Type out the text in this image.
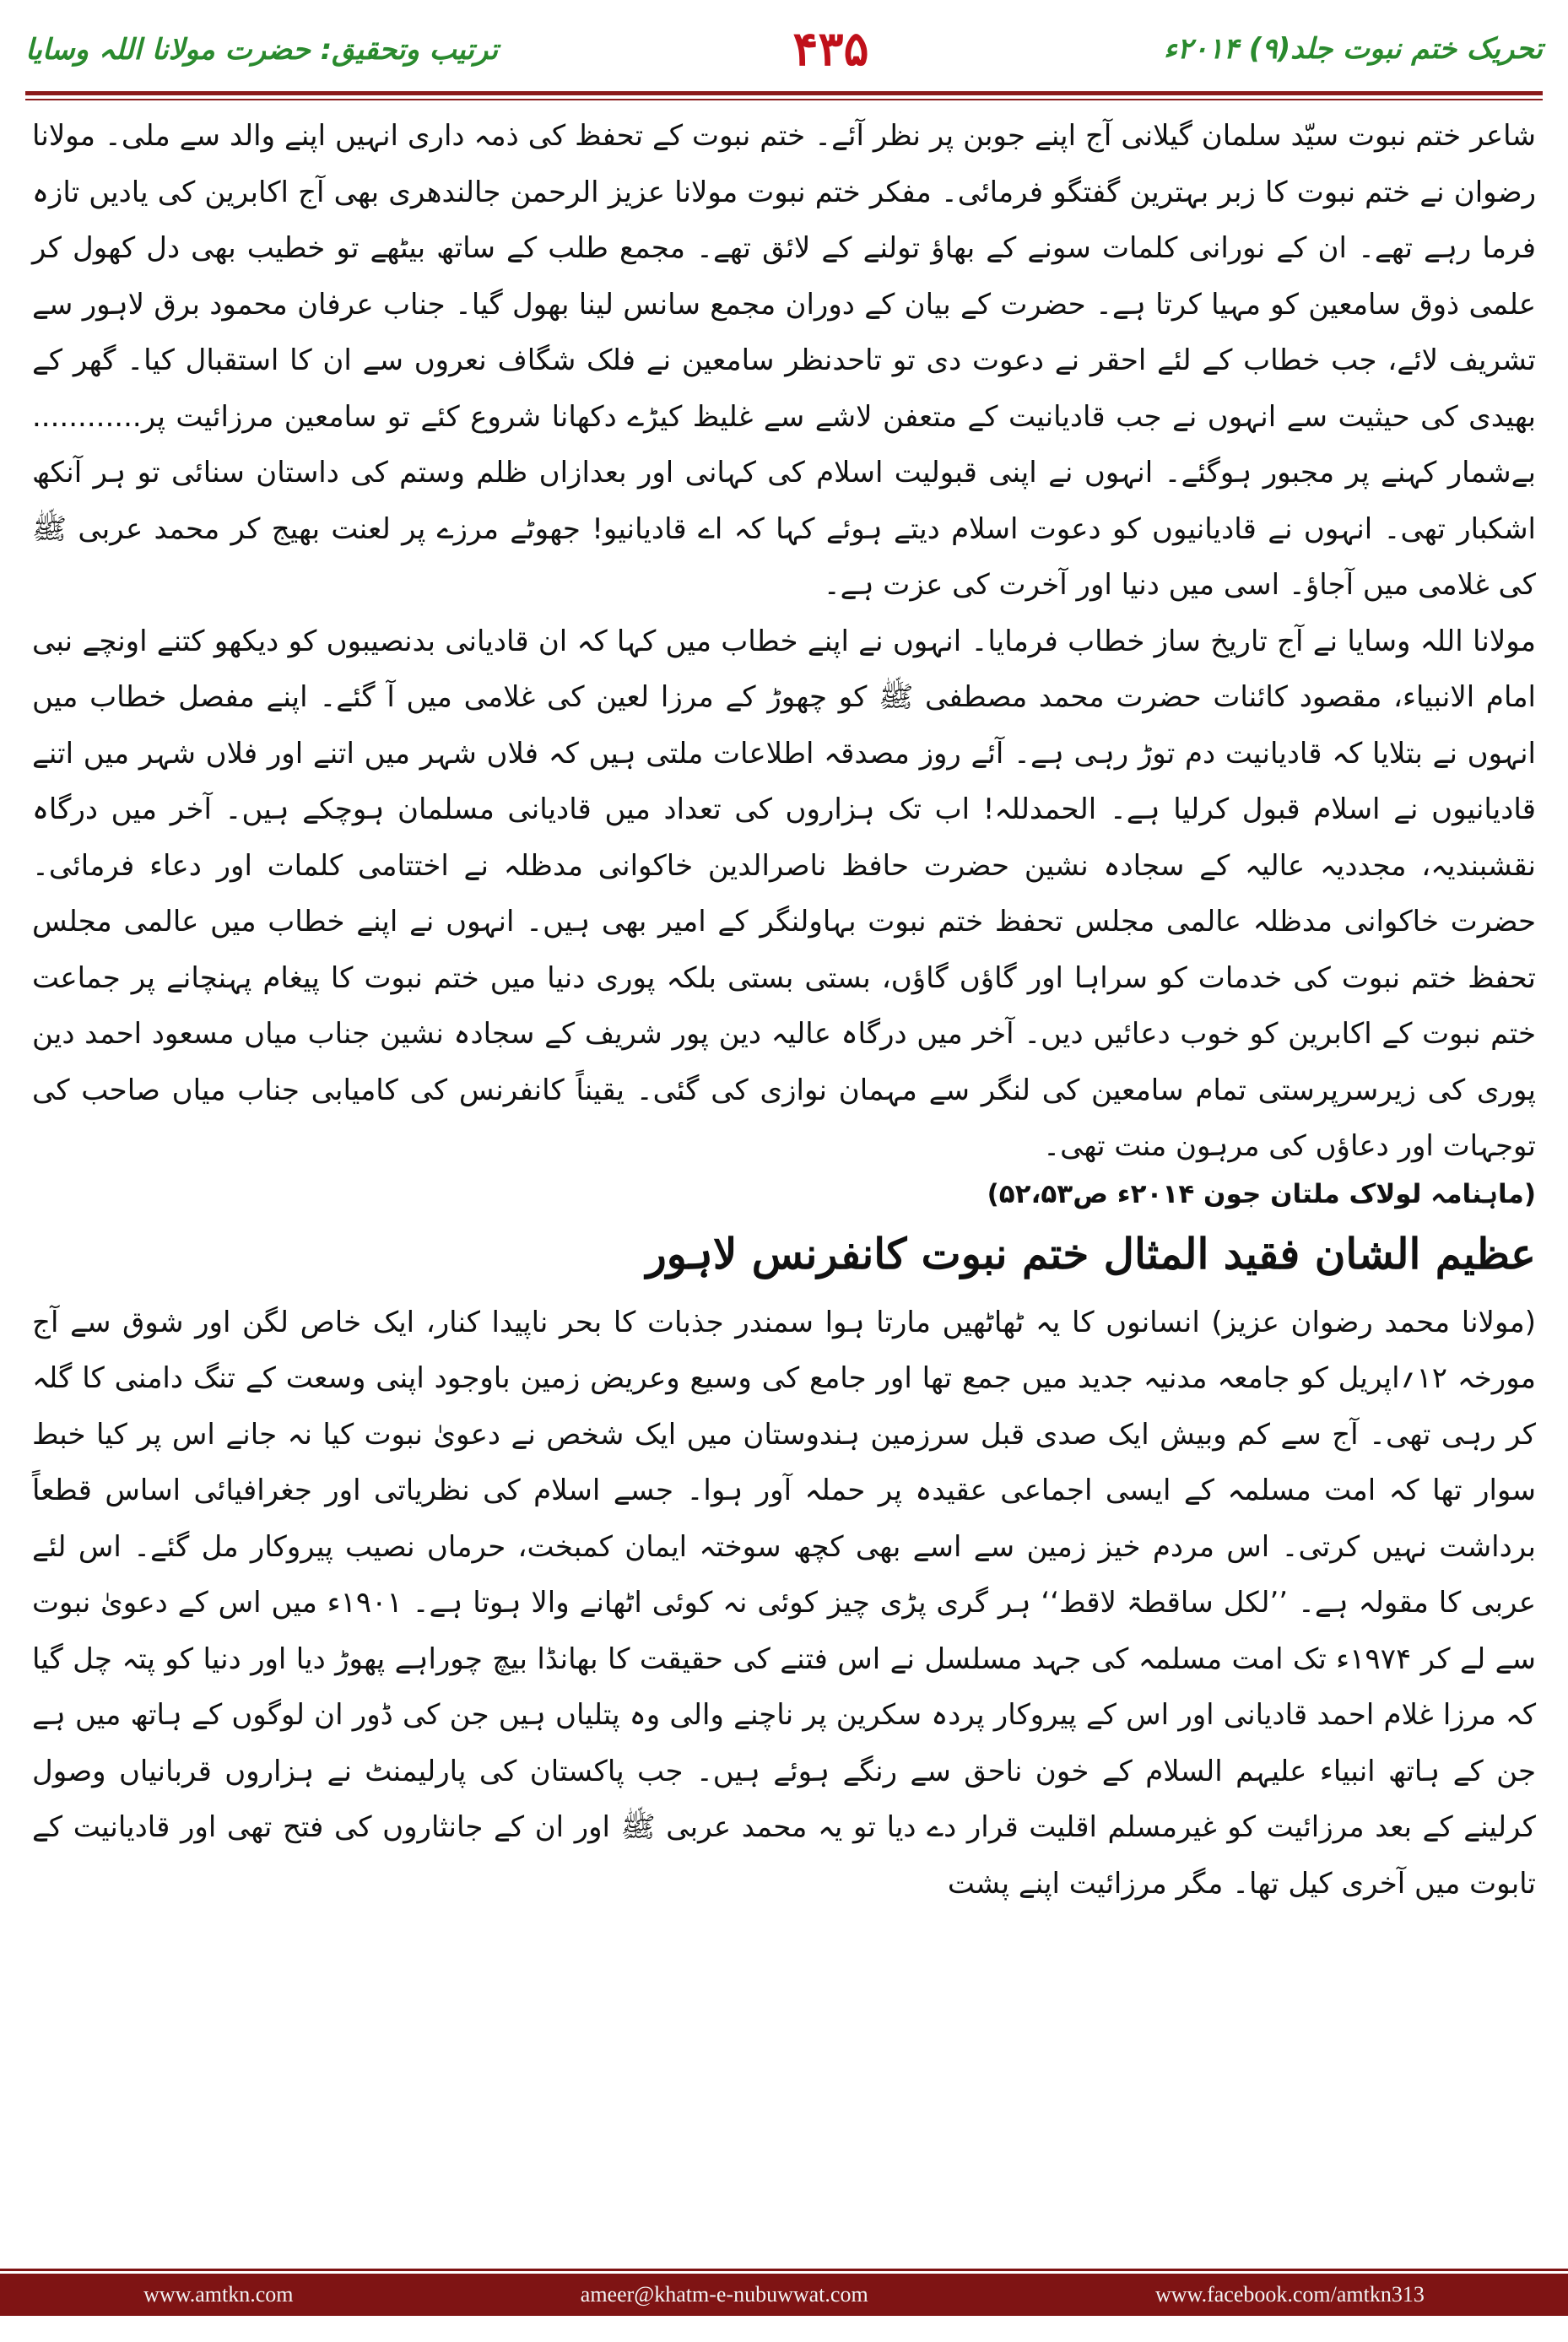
ترتیب وتحقیق: حضرت مولانا اللہ وسایا	۴۳۵	تحریک ختم نبوت جلد(۹) ۲۰۱۴ء

شاعر ختم نبوت سیّد سلمان گیلانی آج اپنے جوبن پر نظر آئے۔ ختم نبوت کے تحفظ کی ذمہ داری انہیں اپنے والد سے ملی۔ مولانا رضوان نے ختم نبوت کا زبر بہترین گفتگو فرمائی۔ مفکر ختم نبوت مولانا عزیز الرحمن جالندھری بھی آج اکابرین کی یادیں تازہ فرما رہے تھے۔ ان کے نورانی کلمات سونے کے بھاؤ تولنے کے لائق تھے۔ مجمع طلب کے ساتھ بیٹھے تو خطیب بھی دل کھول کر علمی ذوق سامعین کو مہیا کرتا ہے۔ حضرت کے بیان کے دوران مجمع سانس لینا بھول گیا۔ جناب عرفان محمود برق لاہور سے تشریف لائے، جب خطاب کے لئے احقر نے دعوت دی تو تاحدنظر سامعین نے فلک شگاف نعروں سے ان کا استقبال کیا۔ گھر کے بھیدی کی حیثیت سے انہوں نے جب قادیانیت کے متعفن لاشے سے غلیظ کیڑے دکھانا شروع کئے تو سامعین مرزائیت پر............ بےشمار کہنے پر مجبور ہوگئے۔ انہوں نے اپنی قبولیت اسلام کی کہانی اور بعدازاں ظلم وستم کی داستان سنائی تو ہر آنکھ اشکبار تھی۔ انہوں نے قادیانیوں کو دعوت اسلام دیتے ہوئے کہا کہ اے قادیانیو! جھوٹے مرزے پر لعنت بھیج کر محمد عربی ﷺ کی غلامی میں آجاؤ۔ اسی میں دنیا اور آخرت کی عزت ہے۔

مولانا اللہ وسایا نے آج تاریخ ساز خطاب فرمایا۔ انہوں نے اپنے خطاب میں کہا کہ ان قادیانی بدنصیبوں کو دیکھو کتنے اونچے نبی امام الانبیاء، مقصود کائنات حضرت محمد مصطفی ﷺ کو چھوڑ کے مرزا لعین کی غلامی میں آ گئے۔ اپنے مفصل خطاب میں انہوں نے بتلایا کہ قادیانیت دم توڑ رہی ہے۔ آئے روز مصدقہ اطلاعات ملتی ہیں کہ فلاں شہر میں اتنے اور فلاں شہر میں اتنے قادیانیوں نے اسلام قبول کرلیا ہے۔ الحمدللہ! اب تک ہزاروں کی تعداد میں قادیانی مسلمان ہوچکے ہیں۔ آخر میں درگاہ نقشبندیہ، مجددیہ عالیہ کے سجادہ نشین حضرت حافظ ناصرالدین خاکوانی مدظلہ نے اختتامی کلمات اور دعاء فرمائی۔ حضرت خاکوانی مدظلہ عالمی مجلس تحفظ ختم نبوت بہاولنگر کے امیر بھی ہیں۔ انہوں نے اپنے خطاب میں عالمی مجلس تحفظ ختم نبوت کی خدمات کو سراہا اور گاؤں گاؤں، بستی بستی بلکہ پوری دنیا میں ختم نبوت کا پیغام پہنچانے پر جماعت ختم نبوت کے اکابرین کو خوب دعائیں دیں۔ آخر میں درگاہ عالیہ دین پور شریف کے سجادہ نشین جناب میاں مسعود احمد دین پوری کی زیرسرپرستی تمام سامعین کی لنگر سے مہمان نوازی کی گئی۔ یقیناً کانفرنس کی کامیابی جناب میاں صاحب کی توجہات اور دعاؤں کی مرہون منت تھی۔

(ماہنامہ لولاک ملتان جون ۲۰۱۴ء ص۵۲،۵۳)

عظیم الشان فقید المثال ختم نبوت کانفرنس لاہور

(مولانا محمد رضوان عزیز) انسانوں کا یہ ٹھاٹھیں مارتا ہوا سمندر جذبات کا بحر ناپیدا کنار، ایک خاص لگن اور شوق سے آج مورخہ ۱۲؍اپریل کو جامعہ مدنیہ جدید میں جمع تھا اور جامع کی وسیع وعریض زمین باوجود اپنی وسعت کے تنگ دامنی کا گلہ کر رہی تھی۔ آج سے کم وبیش ایک صدی قبل سرزمین ہندوستان میں ایک شخص نے دعویٰ نبوت کیا نہ جانے اس پر کیا خبط سوار تھا کہ امت مسلمہ کے ایسی اجماعی عقیدہ پر حملہ آور ہوا۔ جسے اسلام کی نظریاتی اور جغرافیائی اساس قطعاً برداشت نہیں کرتی۔ اس مردم خیز زمین سے اسے بھی کچھ سوختہ ایمان کمبخت، حرماں نصیب پیروکار مل گئے۔ اس لئے عربی کا مقولہ ہے۔ ’’لکل ساقطۃ لاقط‘‘ ہر گری پڑی چیز کوئی نہ کوئی اٹھانے والا ہوتا ہے۔ ۱۹۰۱ء میں اس کے دعویٰ نبوت سے لے کر ۱۹۷۴ء تک امت مسلمہ کی جہد مسلسل نے اس فتنے کی حقیقت کا بھانڈا بیچ چوراہے پھوڑ دیا اور دنیا کو پتہ چل گیا کہ مرزا غلام احمد قادیانی اور اس کے پیروکار پردہ سکرین پر ناچنے والی وہ پتلیاں ہیں جن کی ڈور ان لوگوں کے ہاتھ میں ہے جن کے ہاتھ انبیاء علیہم السلام کے خون ناحق سے رنگے ہوئے ہیں۔ جب پاکستان کی پارلیمنٹ نے ہزاروں قربانیاں وصول کرلینے کے بعد مرزائیت کو غیرمسلم اقلیت قرار دے دیا تو یہ محمد عربی ﷺ اور ان کے جانثاروں کی فتح تھی اور قادیانیت کے تابوت میں آخری کیل تھا۔ مگر مرزائیت اپنے پشت

www.amtkn.com	ameer@khatm-e-nubuwwat.com	www.facebook.com/amtkn313
